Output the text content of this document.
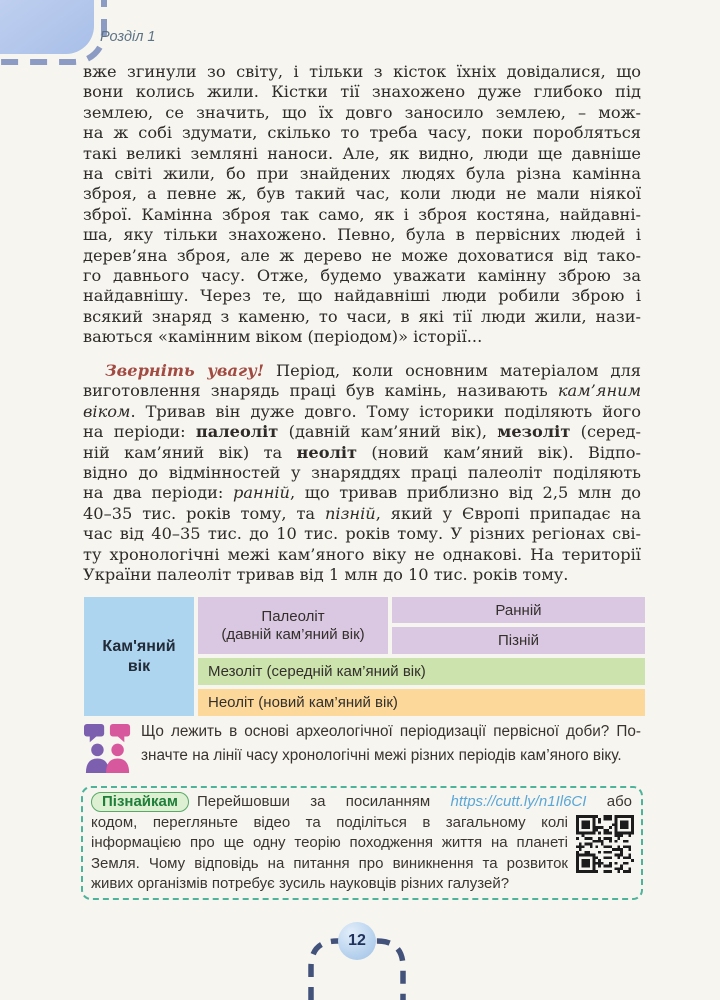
Розділ 1
вже згинули зо світу, і тільки з кісток їхніх довідалися, що
вони колись жили. Кістки тії знахожено дуже глибоко під
землею, се значить, що їх довго заносило землею, – мож-
на ж собі здумати, скілько то треба часу, поки поробляться
такі великі земляні наноси. Але, як видно, люди ще давніше
на світі жили, бо при знайдених людях була різна камінна
зброя, а певне ж, був такий час, коли люди не мали ніякої
зброї. Камінна зброя так само, як і зброя костяна, найдавні-
ша, яку тільки знахожено. Певно, була в первісних людей і
дерев’яна зброя, але ж дерево не може доховатися від тако-
го давнього часу. Отже, будемо уважати камінну зброю за
найдавнішу. Через те, що найдавніші люди робили зброю і
всякий знаряд з каменю, то часи, в які тії люди жили, нази-
ваються «камінним віком (періодом)» історії...
Зверніть увагу! Період, коли основним матеріалом для
виготовлення знарядь праці був камінь, називають кам’яним
віком. Тривав він дуже довго. Тому історики поділяють його
на періоди: палеоліт (давній кам’яний вік), мезоліт (серед-
ній кам’яний вік) та неоліт (новий кам’яний вік). Відпо-
відно до відмінностей у знаряддях праці палеоліт поділяють
на два періоди: ранній, що тривав приблизно від 2,5 млн до
40–35 тис. років тому, та пізній, який у Європі припадає на
час від 40–35 тис. до 10 тис. років тому. У різних регіонах сві-
ту хронологічні межі кам’яного віку не однакові. На території
України палеоліт тривав від 1 млн до 10 тис. років тому.
Кам'яний
вік
Палеоліт
(давній кам’яний вік)
Ранній
Пізній
Мезоліт (середній кам’яний вік)
Неоліт (новий кам’яний вік)
Що лежить в основі археологічної періодизації первісної доби? По-
значте на лінії часу хронологічні межі різних періодів кам’яного віку.
Пізнайкам Перейшовши за посиланням https://cutt.ly/n1Il6CI або
кодом, перегляньте відео та поділіться в загальному колі
інформацією про ще одну теорію походження життя на планеті
Земля. Чому відповідь на питання про виникнення та розвиток
живих організмів потребує зусиль науковців різних галузей?
12
